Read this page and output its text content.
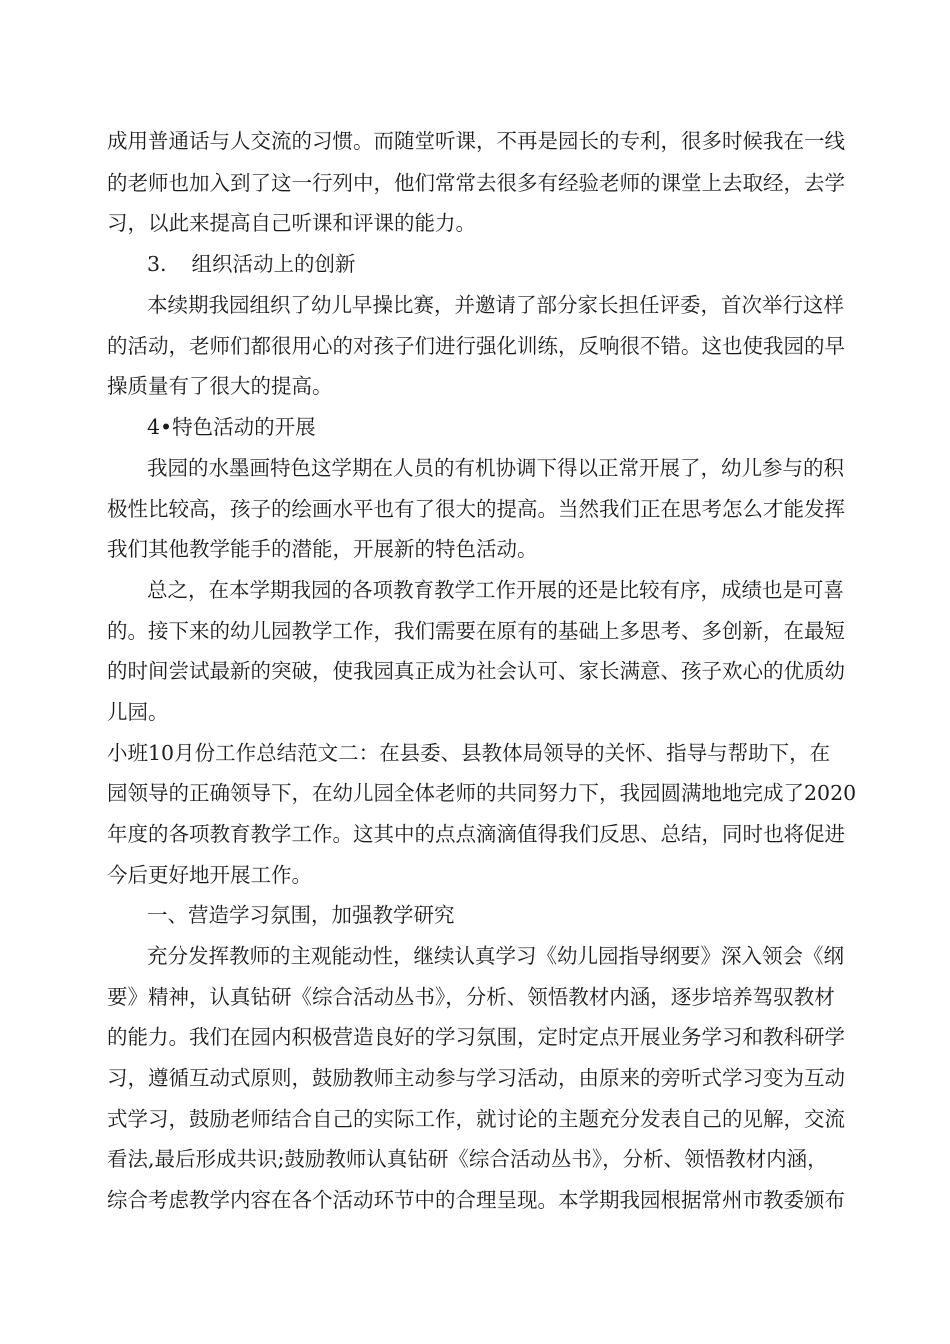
成用普通话与人交流的习惯。而随堂听课，不再是园长的专利，很多时候我在一线
的老师也加入到了这一行列中，他们常常去很多有经验老师的课堂上去取经，去学
习，以此来提高自己听课和评课的能力。
3. 组织活动上的创新
本续期我园组织了幼儿早操比赛，并邀请了部分家长担任评委，首次举行这样
的活动，老师们都很用心的对孩子们进行强化训练，反响很不错。这也使我园的早
操质量有了很大的提高。
4•特色活动的开展
我园的水墨画特色这学期在人员的有机协调下得以正常开展了，幼儿参与的积
极性比较高，孩子的绘画水平也有了很大的提高。当然我们正在思考怎么才能发挥
我们其他教学能手的潜能，开展新的特色活动。
总之，在本学期我园的各项教育教学工作开展的还是比较有序，成绩也是可喜
的。接下来的幼儿园教学工作，我们需要在原有的基础上多思考、多创新，在最短
的时间尝试最新的突破，使我园真正成为社会认可、家长满意、孩子欢心的优质幼
儿园。
小班10月份工作总结范文二：在县委、县教体局领导的关怀、指导与帮助下，在
园领导的正确领导下，在幼儿园全体老师的共同努力下，我园圆满地地完成了2020
年度的各项教育教学工作。这其中的点点滴滴值得我们反思、总结，同时也将促进
今后更好地开展工作。
一、营造学习氛围，加强教学研究
充分发挥教师的主观能动性，继续认真学习《幼儿园指导纲要》深入领会《纲
要》精神，认真钻研《综合活动丛书》，分析、领悟教材内涵，逐步培养驾驭教材
的能力。我们在园内积极营造良好的学习氛围，定时定点开展业务学习和教科研学
习，遵循互动式原则，鼓励教师主动参与学习活动，由原来的旁听式学习变为互动
式学习，鼓励老师结合自己的实际工作，就讨论的主题充分发表自己的见解，交流
看法,最后形成共识;鼓励教师认真钻研《综合活动丛书》，分析、领悟教材内涵，
综合考虑教学内容在各个活动环节中的合理呈现。本学期我园根据常州市教委颁布
